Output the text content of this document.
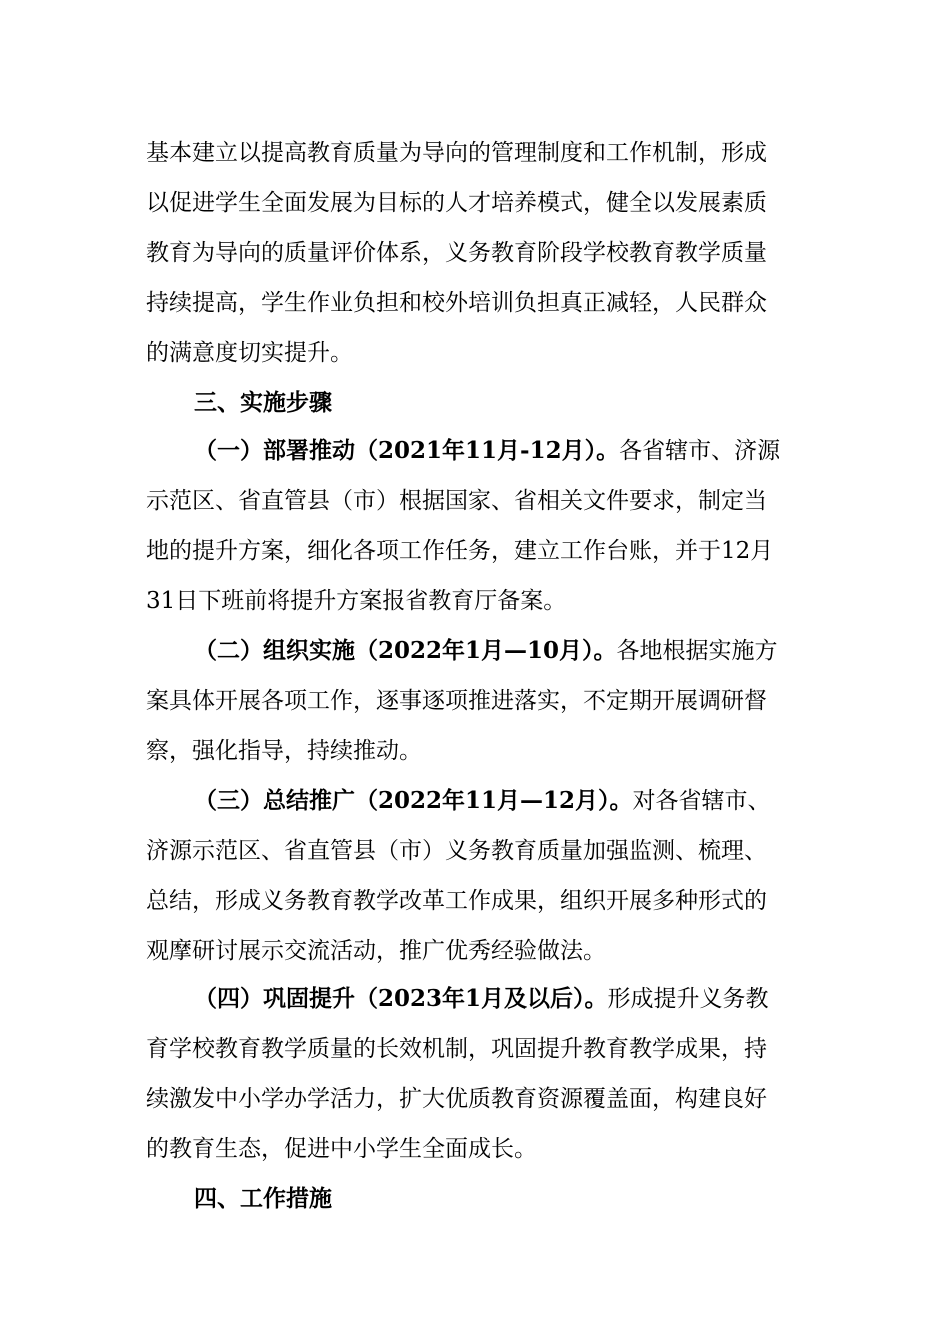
基本建立以提高教育质量为导向的管理制度和工作机制，形成
以促进学生全面发展为目标的人才培养模式，健全以发展素质
教育为导向的质量评价体系，义务教育阶段学校教育教学质量
持续提高，学生作业负担和校外培训负担真正减轻，人民群众
的满意度切实提升。
三、实施步骤
（一）部署推动（2021年11月-12月）。各省辖市、济源
示范区、省直管县（市）根据国家、省相关文件要求，制定当
地的提升方案，细化各项工作任务，建立工作台账，并于12月
31日下班前将提升方案报省教育厅备案。
（二）组织实施（2022年1月—10月）。各地根据实施方
案具体开展各项工作，逐事逐项推进落实，不定期开展调研督
察，强化指导，持续推动。
（三）总结推广（2022年11月—12月）。对各省辖市、
济源示范区、省直管县（市）义务教育质量加强监测、梳理、
总结，形成义务教育教学改革工作成果，组织开展多种形式的
观摩研讨展示交流活动，推广优秀经验做法。
（四）巩固提升（2023年1月及以后）。形成提升义务教
育学校教育教学质量的长效机制，巩固提升教育教学成果，持
续激发中小学办学活力，扩大优质教育资源覆盖面，构建良好
的教育生态，促进中小学生全面成长。
四、工作措施
